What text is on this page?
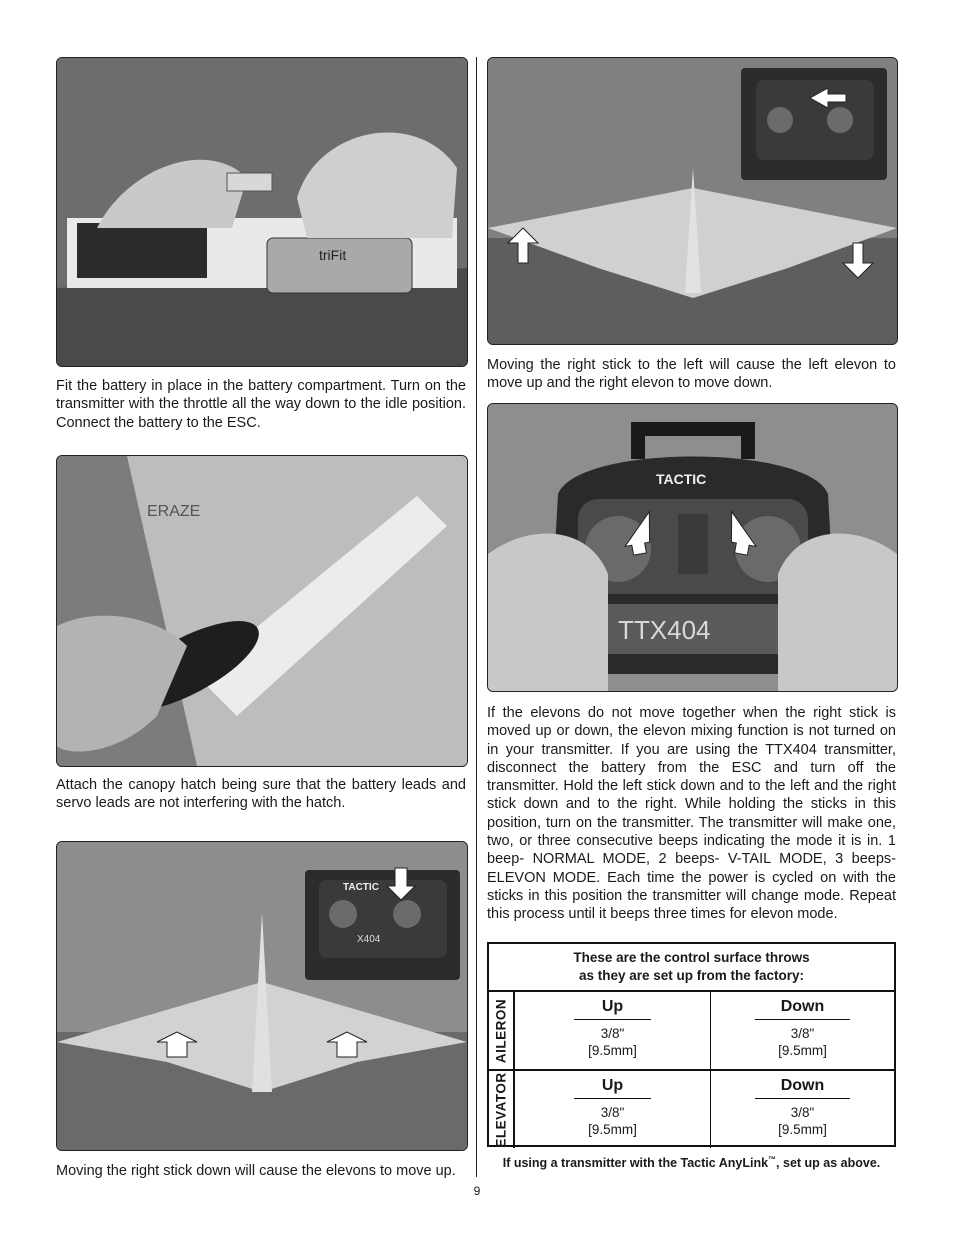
triFit

Fit the battery in place in the battery compartment. Turn on the transmitter with the throttle all the way down to the idle position. Connect the battery to the ESC.

ERAZE

Attach the canopy hatch being sure that the battery leads and servo leads are not interfering with the hatch.

TACTIC
X404

Moving the right stick down will cause the elevons to move up.

Moving the right stick to the left will cause the left elevon to move up and the right elevon to move down.

TACTIC
TTX404

If the elevons do not move together when the right stick is moved up or down, the elevon mixing function is not turned on in your transmitter. If you are using the TTX404 transmitter, disconnect the battery from the ESC and turn off the transmitter. Hold the left stick down and to the left and the right stick down and to the right. While holding the sticks in this position, turn on the transmitter. The transmitter will make one, two, or three consecutive beeps indicating the mode it is in. 1 beep- NORMAL MODE, 2 beeps- V-TAIL MODE, 3 beeps- ELEVON MODE. Each time the power is cycled on with the sticks in this position the transmitter will change mode. Repeat this process until it beeps three times for elevon mode.

These are the control surface throws
as they are set up from the factory:
AILERON	Up
3/8"
[9.5mm]
Down
3/8"
[9.5mm]
ELEVATOR	Up
3/8"
[9.5mm]
Down
3/8"
[9.5mm]
If using a transmitter with the Tactic AnyLink™, set up as above.
9
